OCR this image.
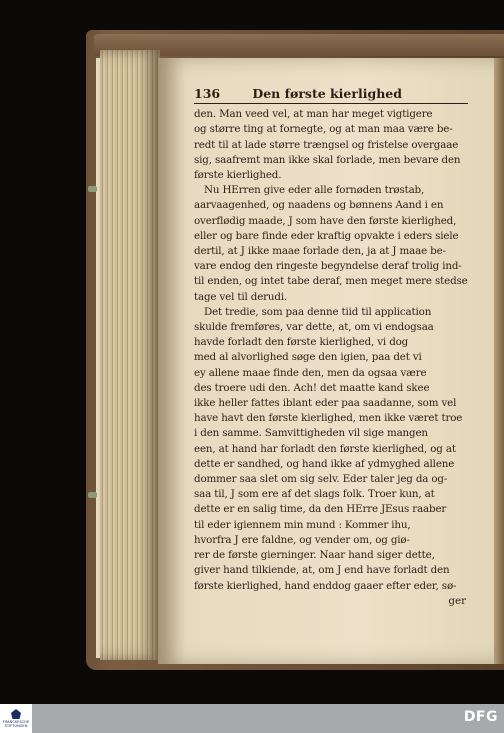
136	Den første kierlighed
den. Man veed vel, at man har meget vigtigere
og større ting at fornegte, og at man maa være be-
redt til at lade større trængsel og fristelse overgaae
sig, saafremt man ikke skal forlade, men bevare den
første kierlighed.
Nu HErren give eder alle fornøden trøstab,
aarvaagenhed, og naadens og bønnens Aand i en
overflødig maade, J som have den første kierlighed,
eller og bare finde eder kraftig opvakte i eders siele
dertil, at J ikke maae forlade den, ja at J maae be-
vare endog den ringeste begyndelse deraf trolig ind-
til enden, og intet tabe deraf, men meget mere stedse
tage vel til derudi.
Det tredie, som paa denne tiid til application
skulde fremføres, var dette, at, om vi endogsaa
havde forladt den første kierlighed, vi dog
med al alvorlighed søge den igien, paa det vi
ey allene maae finde den, men da ogsaa være
des troere udi den. Ach! det maatte kand skee
ikke heller fattes iblant eder paa saadanne, som vel
have havt den første kierlighed, men ikke været troe
i den samme. Samvittigheden vil sige mangen
een, at hand har forladt den første kierlighed, og at
dette er sandhed, og hand ikke af ydmyghed allene
dommer saa slet om sig selv. Eder taler jeg da og-
saa til, J som ere af det slags folk. Troer kun, at
dette er en salig time, da den HErre JEsus raaber
til eder igiennem min mund : Kommer ihu,
hvorfra J ere faldne, og vender om, og giø-
rer de første gierninger. Naar hand siger dette,
giver hand tilkiende, at, om J end have forladt den
første kierlighed, hand enddog gaaer efter eder, sø-
ger
FRANCKESCHE STIFTUNGEN
DFG
